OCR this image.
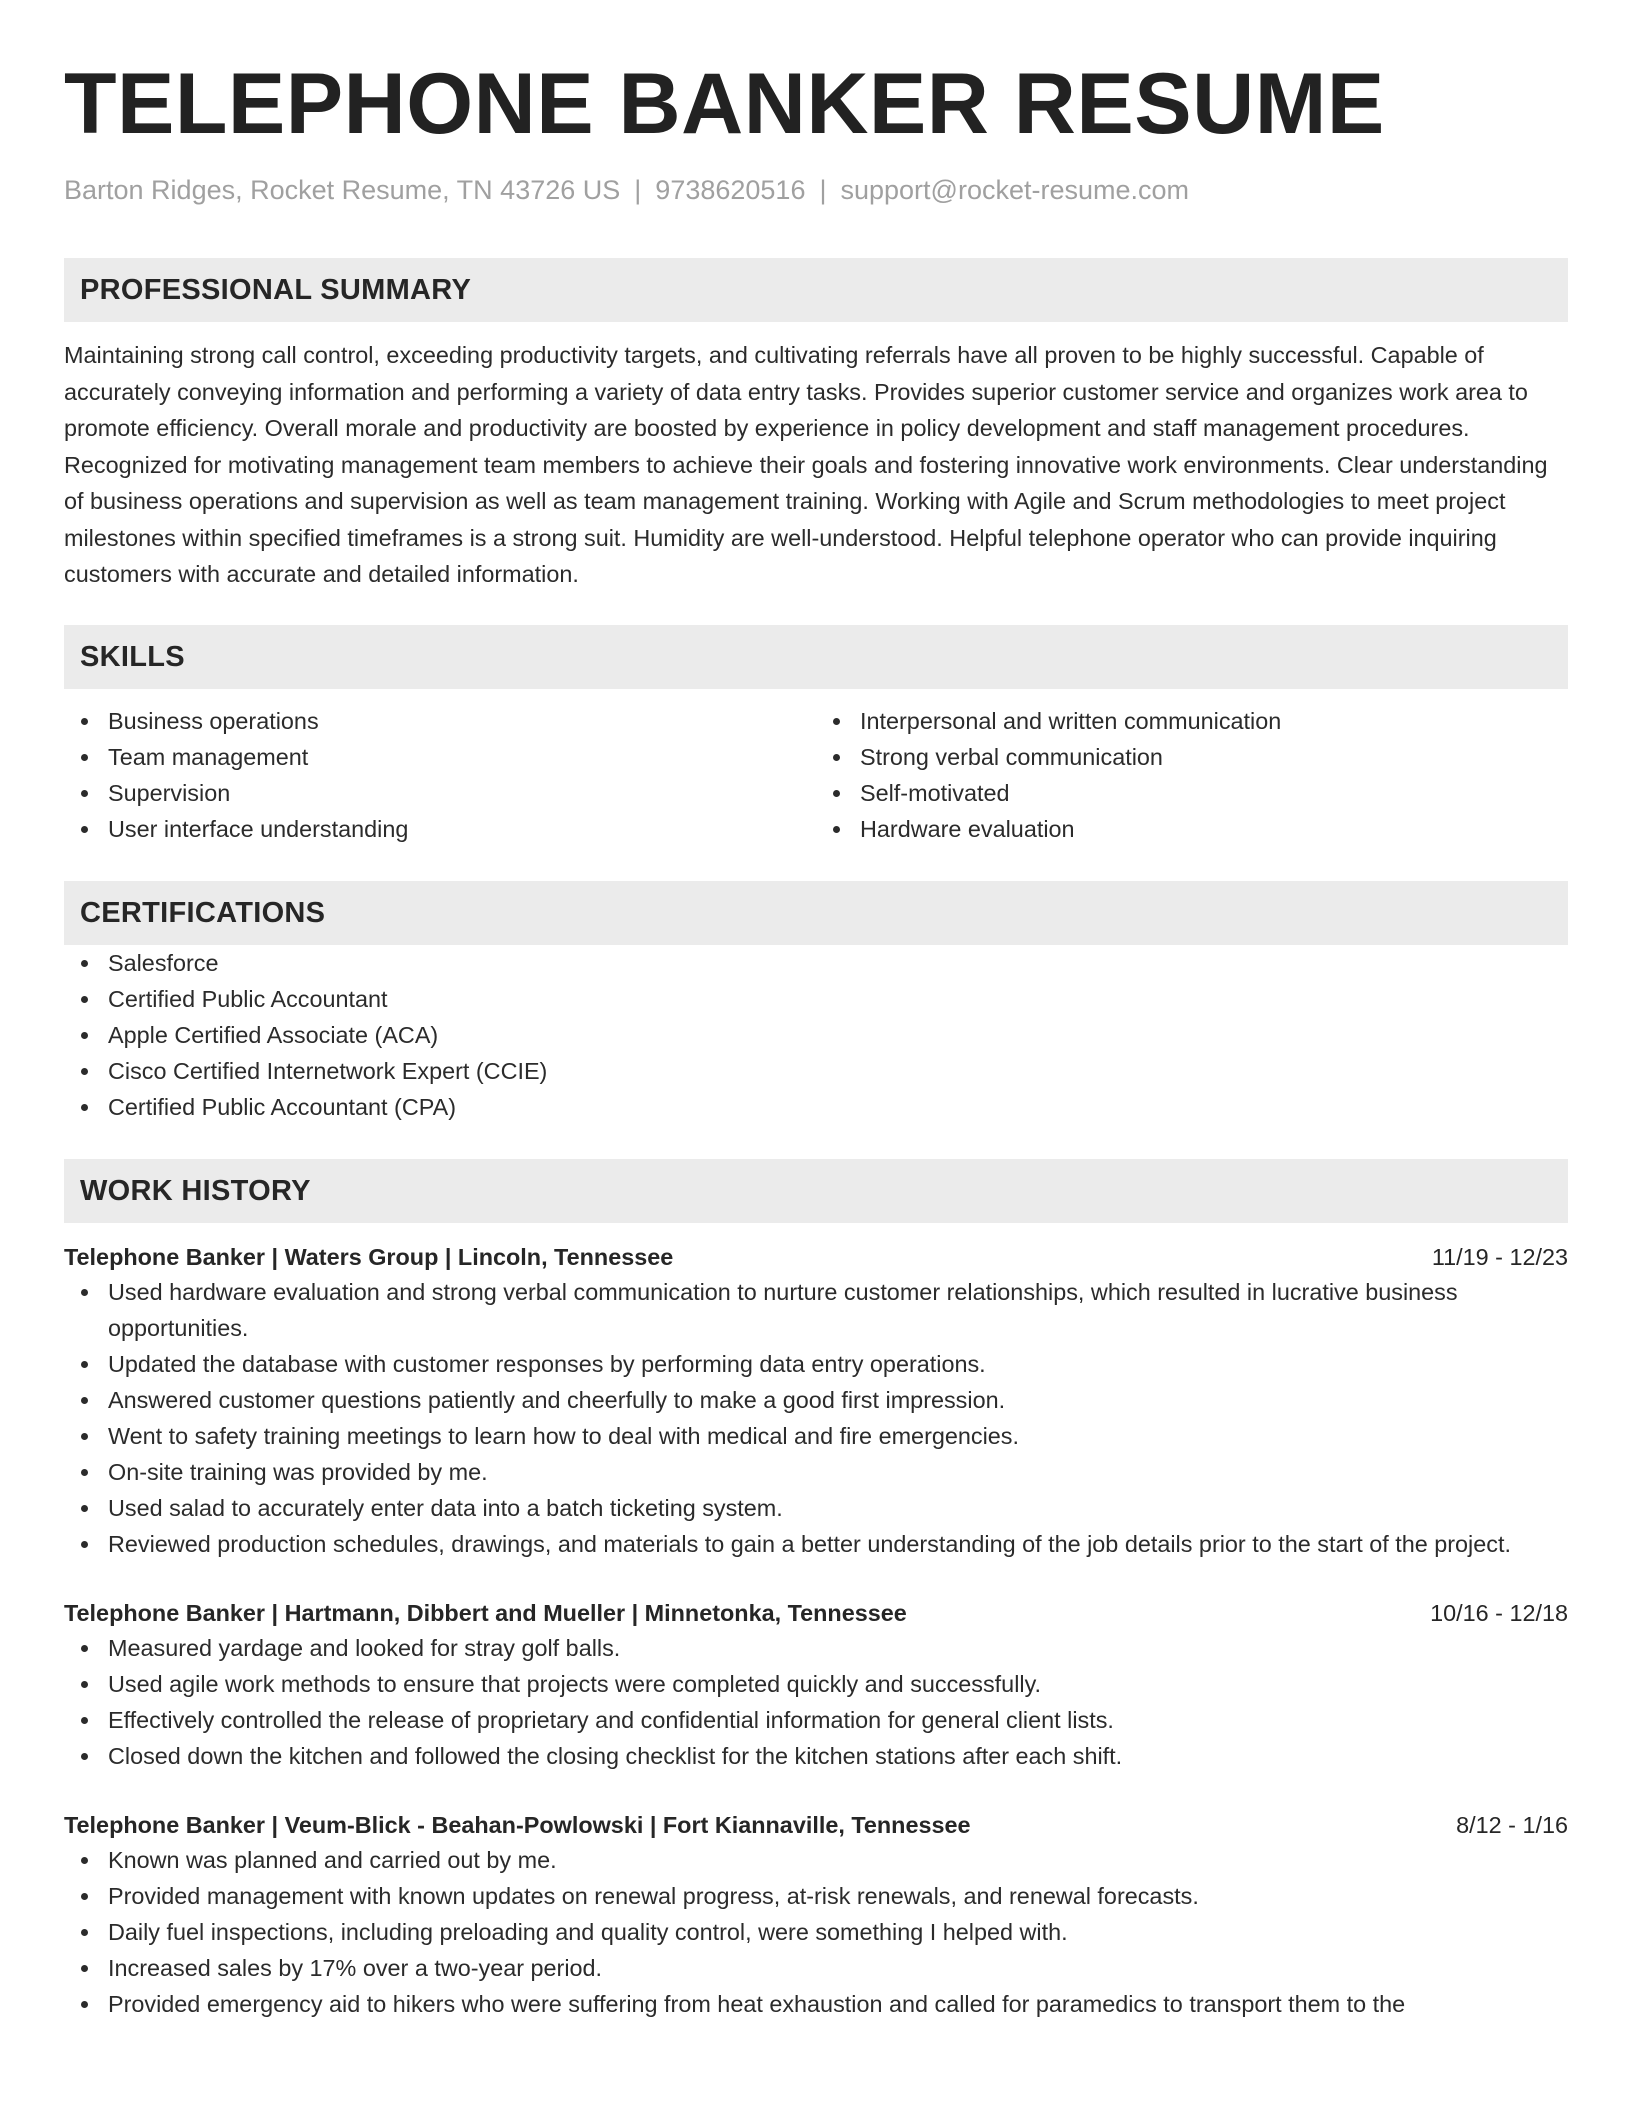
TELEPHONE BANKER RESUME
Barton Ridges, Rocket Resume, TN 43726 US | 9738620516 | support@rocket-resume.com
PROFESSIONAL SUMMARY

Maintaining strong call control, exceeding productivity targets, and cultivating referrals have all proven to be highly successful. Capable of accurately conveying information and performing a variety of data entry tasks. Provides superior customer service and organizes work area to promote efficiency. Overall morale and productivity are boosted by experience in policy development and staff management procedures. Recognized for motivating management team members to achieve their goals and fostering innovative work environments. Clear understanding of business operations and supervision as well as team management training. Working with Agile and Scrum methodologies to meet project milestones within specified timeframes is a strong suit. Humidity are well-understood. Helpful telephone operator who can provide inquiring customers with accurate and detailed information.

SKILLS
Business operations
Team management
Supervision
User interface understanding
Interpersonal and written communication
Strong verbal communication
Self-motivated
Hardware evaluation
CERTIFICATIONS
Salesforce
Certified Public Accountant
Apple Certified Associate (ACA)
Cisco Certified Internetwork Expert (CCIE)
Certified Public Accountant (CPA)
WORK HISTORY
Telephone Banker | Waters Group | Lincoln, Tennessee	11/19 - 12/23
Used hardware evaluation and strong verbal communication to nurture customer relationships, which resulted in lucrative business opportunities.
Updated the database with customer responses by performing data entry operations.
Answered customer questions patiently and cheerfully to make a good first impression.
Went to safety training meetings to learn how to deal with medical and fire emergencies.
On-site training was provided by me.
Used salad to accurately enter data into a batch ticketing system.
Reviewed production schedules, drawings, and materials to gain a better understanding of the job details prior to the start of the project.
Telephone Banker | Hartmann, Dibbert and Mueller | Minnetonka, Tennessee	10/16 - 12/18
Measured yardage and looked for stray golf balls.
Used agile work methods to ensure that projects were completed quickly and successfully.
Effectively controlled the release of proprietary and confidential information for general client lists.
Closed down the kitchen and followed the closing checklist for the kitchen stations after each shift.
Telephone Banker | Veum-Blick - Beahan-Powlowski | Fort Kiannaville, Tennessee	8/12 - 1/16
Known was planned and carried out by me.
Provided management with known updates on renewal progress, at-risk renewals, and renewal forecasts.
Daily fuel inspections, including preloading and quality control, were something I helped with.
Increased sales by 17% over a two-year period.
Provided emergency aid to hikers who were suffering from heat exhaustion and called for paramedics to transport them to the
